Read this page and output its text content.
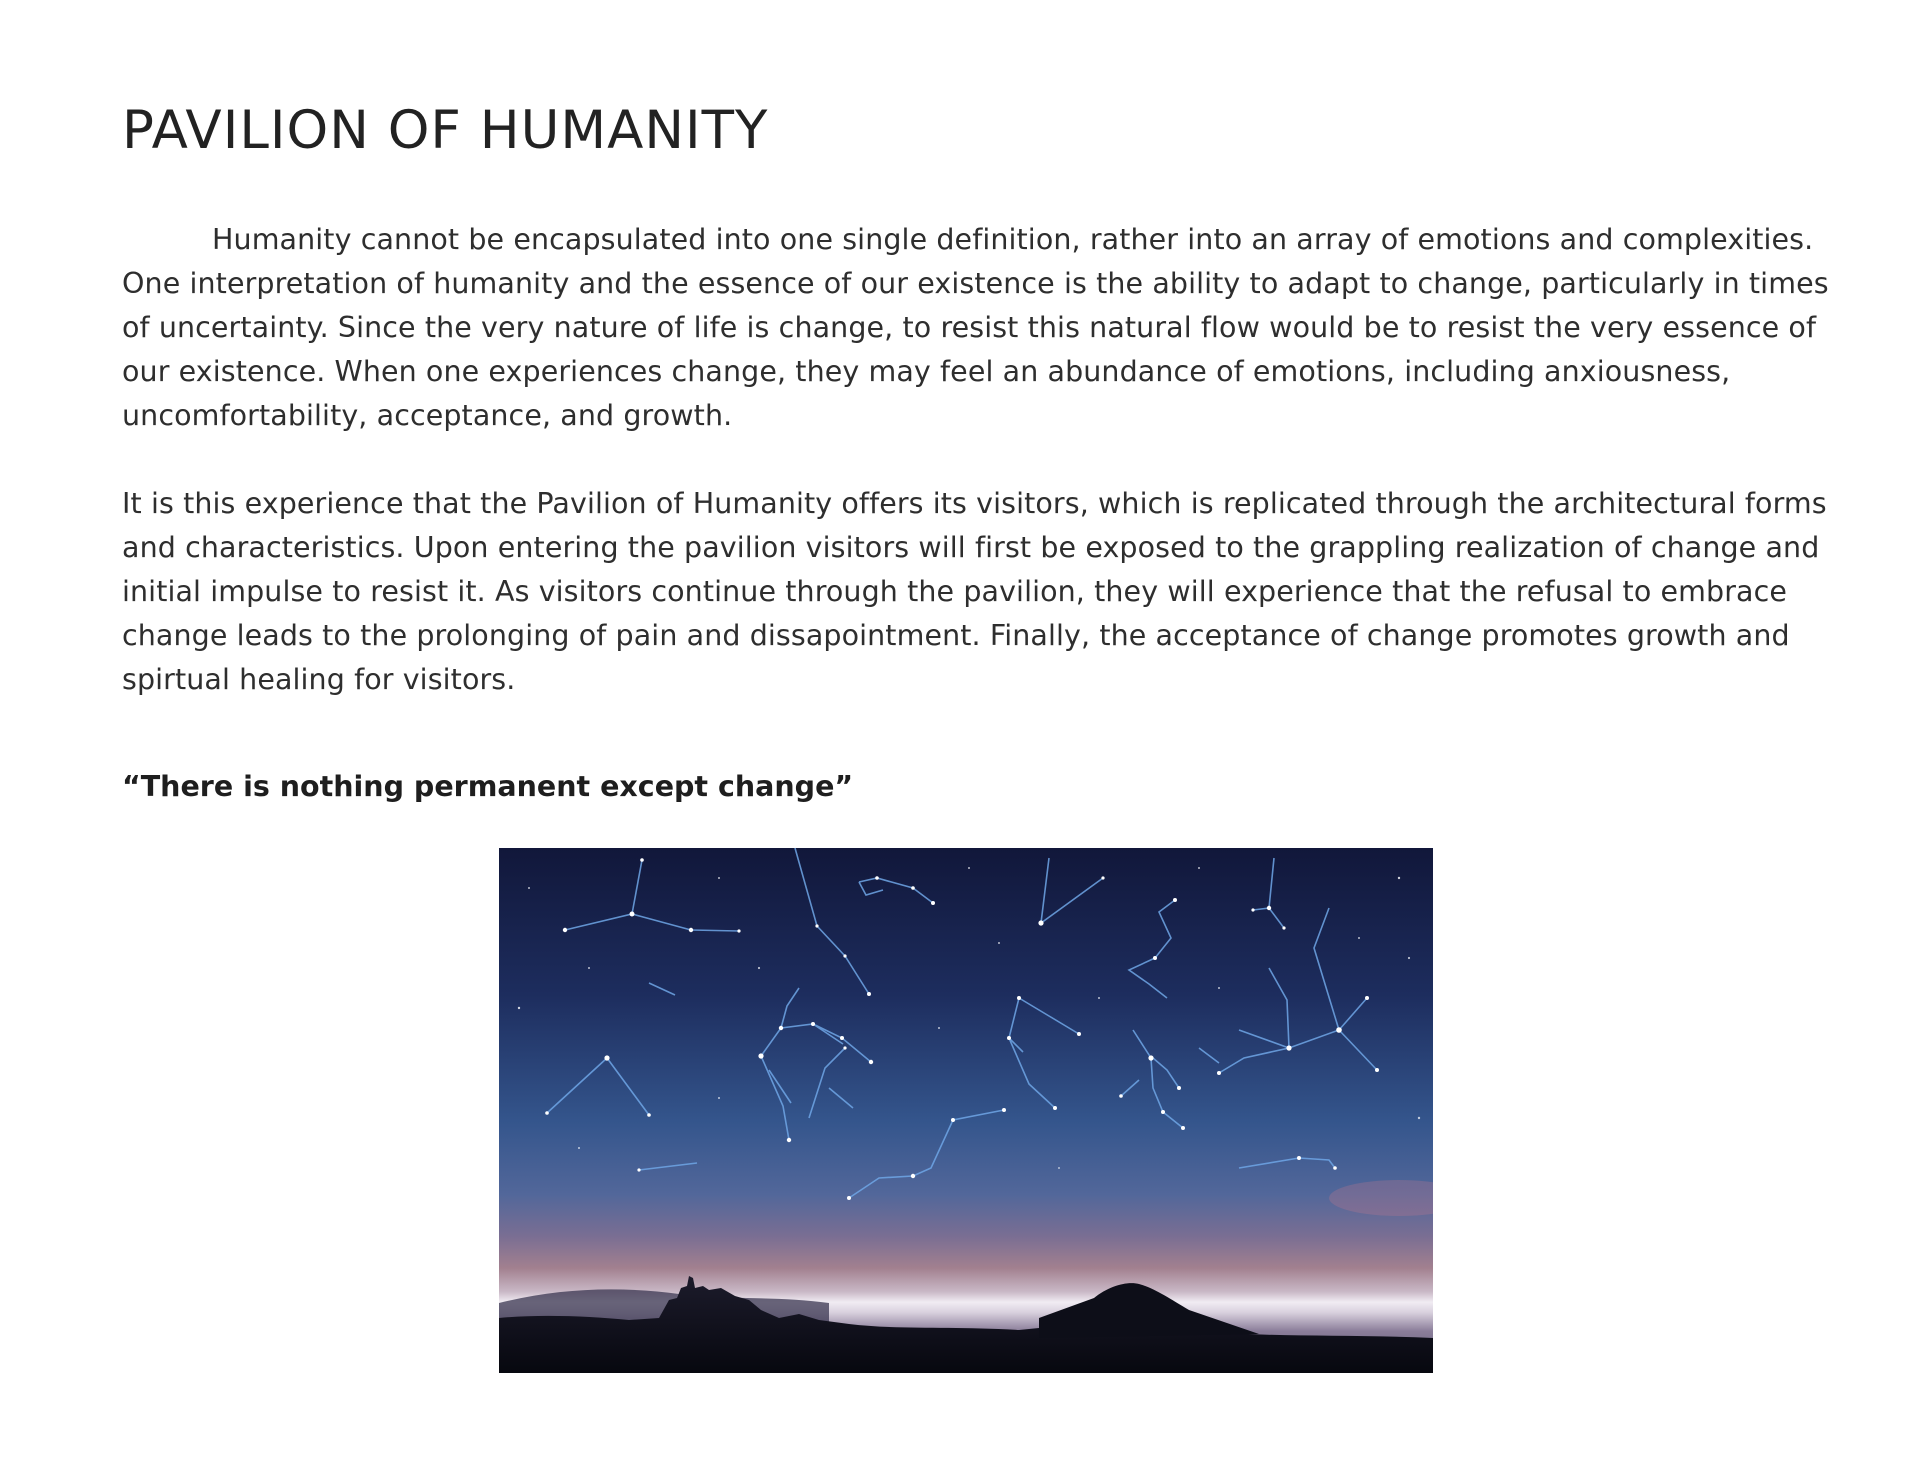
PAVILION OF HUMANITY

Humanity cannot be encapsulated into one single definition, rather into an array of emotions and complexities. One interpretation of humanity and the essence of our existence is the ability to adapt to change, particularly in times of uncertainty. Since the very nature of life is change, to resist this natural flow would be to resist the very essence of our existence. When one experiences change, they may feel an abundance of emotions, including anxiousness, uncomfortability, acceptance, and growth.

It is this experience that the Pavilion of Humanity offers its visitors, which is replicated through the architectural forms and characteristics. Upon entering the pavilion visitors will first be exposed to the grappling realization of change and initial impulse to resist it. As visitors continue through the pavilion, they will experience that the refusal to embrace change leads to the prolonging of pain and dissapointment. Finally, the acceptance of change promotes growth and spirtual healing for visitors.

“There is nothing permanent except change”
